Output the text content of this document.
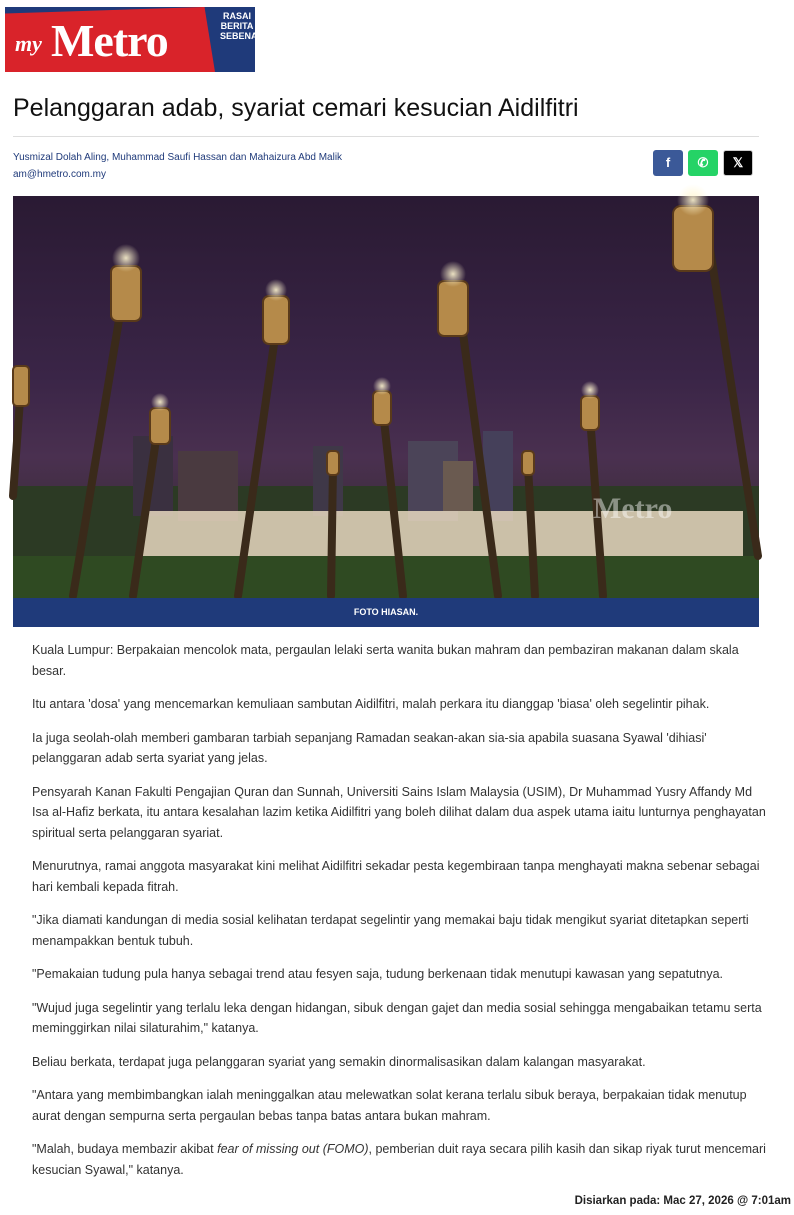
my Metro	RASAI BERITA SEBENAR
Pelanggaran adab, syariat cemari kesucian Aidilfitri
Yusmizal Dolah Aling, Muhammad Saufi Hassan dan Mahaizura Abd Malik
am@hmetro.com.my
f	✆	𝕏
Metro
FOTO HIASAN.

Kuala Lumpur: Berpakaian mencolok mata, pergaulan lelaki serta wanita bukan mahram dan pembaziran makanan dalam skala besar.

Itu antara 'dosa' yang mencemarkan kemuliaan sambutan Aidilfitri, malah perkara itu dianggap 'biasa' oleh segelintir pihak.

Ia juga seolah-olah memberi gambaran tarbiah sepanjang Ramadan seakan-akan sia-sia apabila suasana Syawal 'dihiasi' pelanggaran adab serta syariat yang jelas.

Pensyarah Kanan Fakulti Pengajian Quran dan Sunnah, Universiti Sains Islam Malaysia (USIM), Dr Muhammad Yusry Affandy Md Isa al-Hafiz berkata, itu antara kesalahan lazim ketika Aidilfitri yang boleh dilihat dalam dua aspek utama iaitu lunturnya penghayatan spiritual serta pelanggaran syariat.

Menurutnya, ramai anggota masyarakat kini melihat Aidilfitri sekadar pesta kegembiraan tanpa menghayati makna sebenar sebagai hari kembali kepada fitrah.

"Jika diamati kandungan di media sosial kelihatan terdapat segelintir yang memakai baju tidak mengikut syariat ditetapkan seperti menampakkan bentuk tubuh.

"Pemakaian tudung pula hanya sebagai trend atau fesyen saja, tudung berkenaan tidak menutupi kawasan yang sepatutnya.

"Wujud juga segelintir yang terlalu leka dengan hidangan, sibuk dengan gajet dan media sosial sehingga mengabaikan tetamu serta meminggirkan nilai silaturahim," katanya.

Beliau berkata, terdapat juga pelanggaran syariat yang semakin dinormalisasikan dalam kalangan masyarakat.

"Antara yang membimbangkan ialah meninggalkan atau melewatkan solat kerana terlalu sibuk beraya, berpakaian tidak menutup aurat dengan sempurna serta pergaulan bebas tanpa batas antara bukan mahram.

"Malah, budaya membazir akibat fear of missing out (FOMO), pemberian duit raya secara pilih kasih dan sikap riyak turut mencemari kesucian Syawal," katanya.

Disiarkan pada: Mac 27, 2026 @ 7:01am
